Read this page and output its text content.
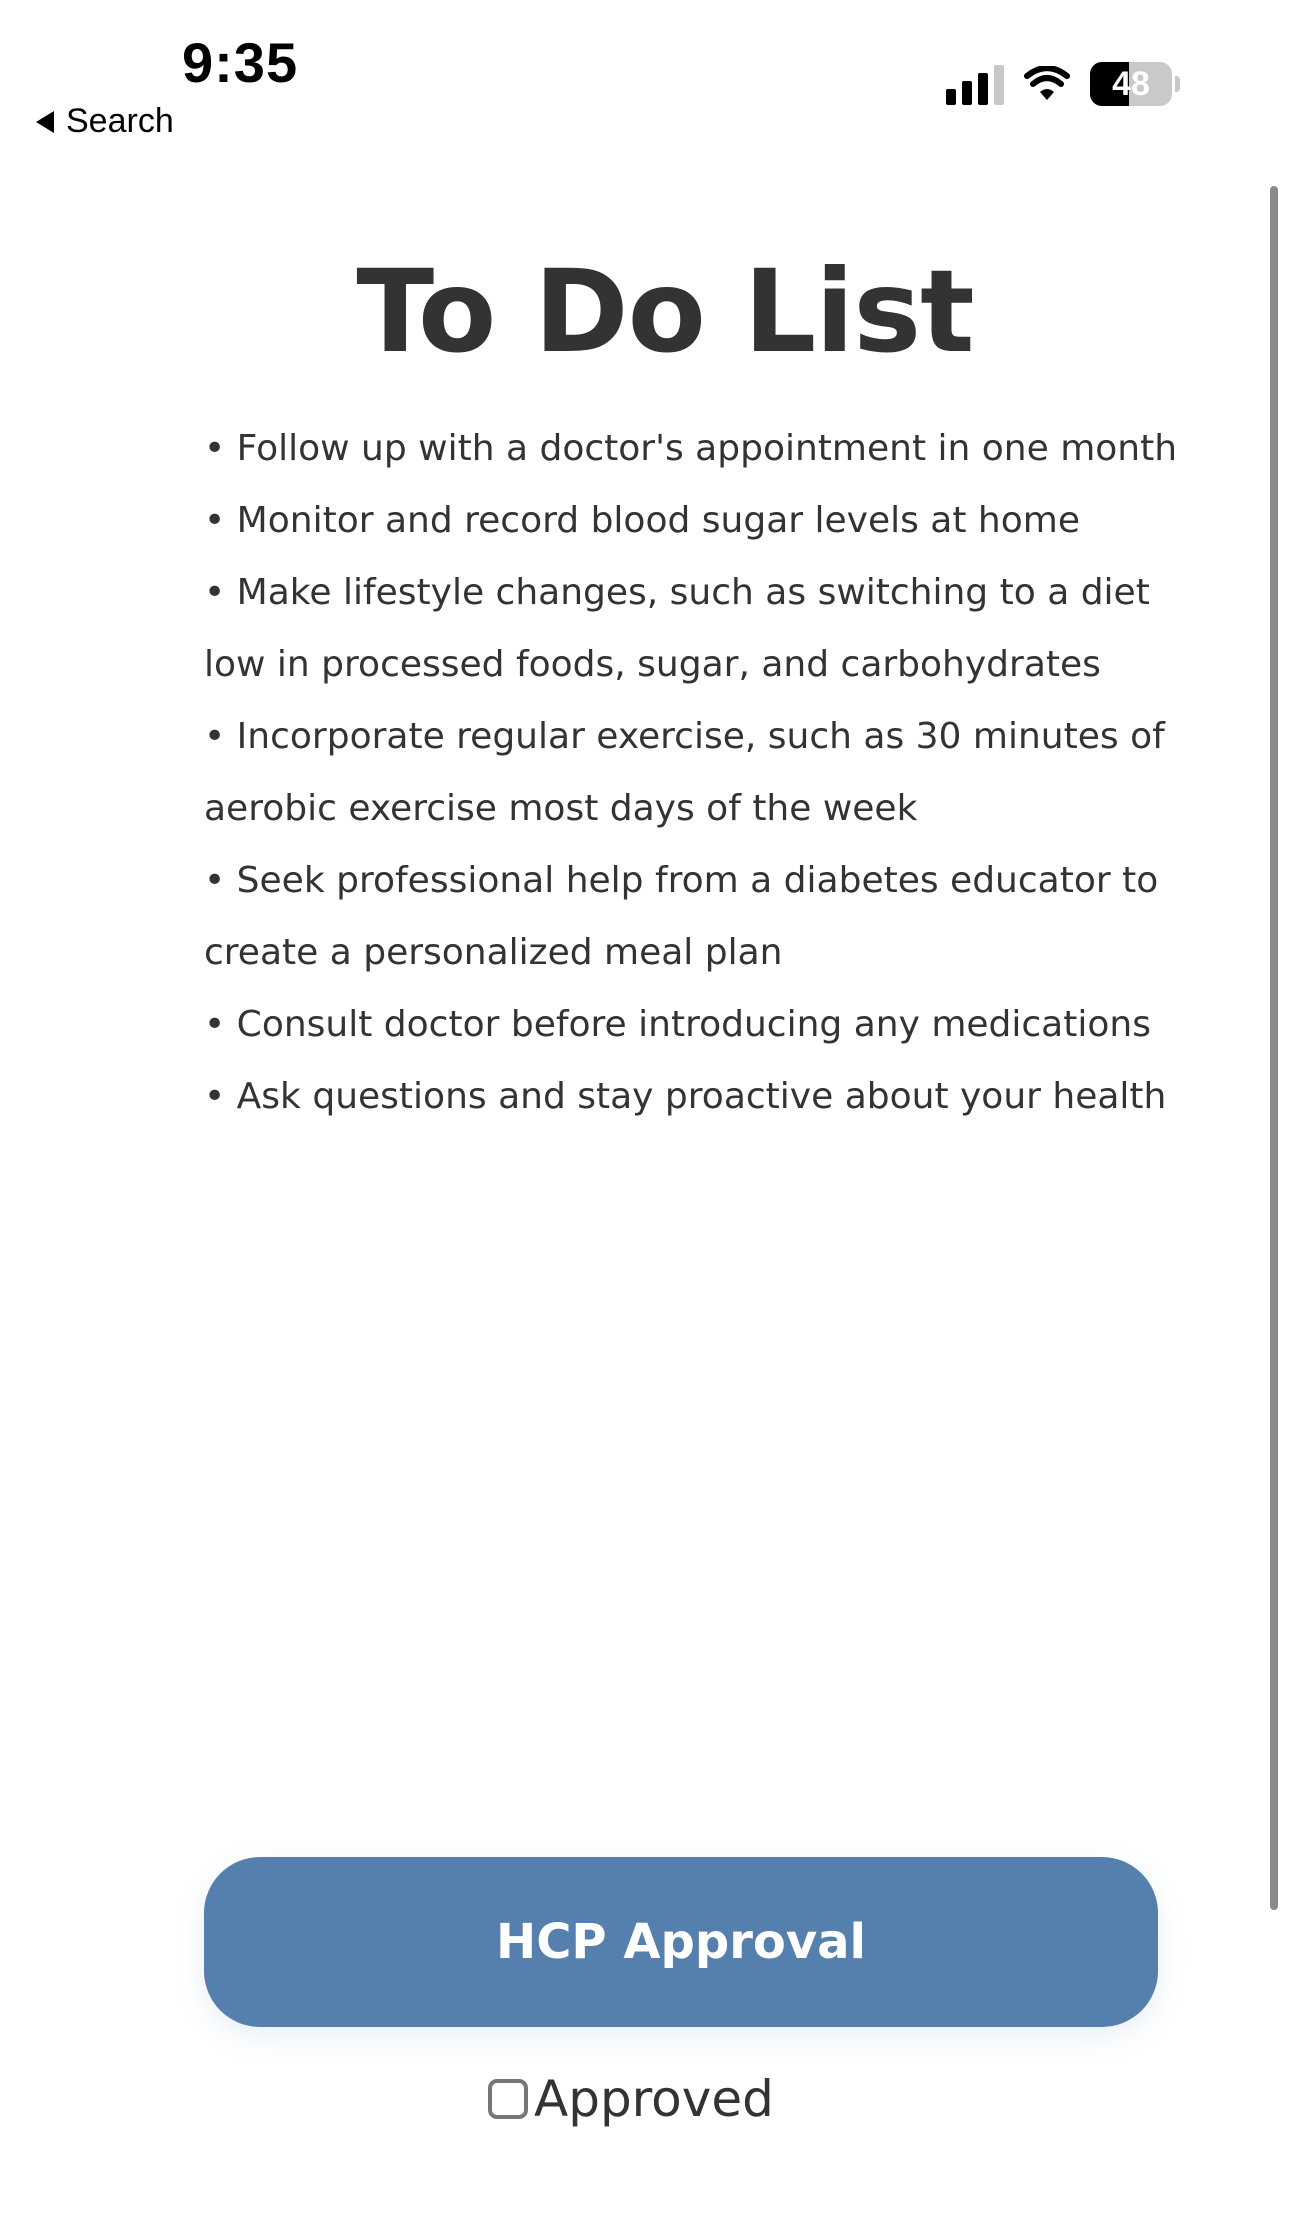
9:35
Search
48
To Do List
• Follow up with a doctor's appointment in one month
• Monitor and record blood sugar levels at home
• Make lifestyle changes, such as switching to a diet low in processed foods, sugar, and carbohydrates
• Incorporate regular exercise, such as 30 minutes of aerobic exercise most days of the week
• Seek professional help from a diabetes educator to create a personalized meal plan
• Consult doctor before introducing any medications
• Ask questions and stay proactive about your health
HCP Approval
Approved
